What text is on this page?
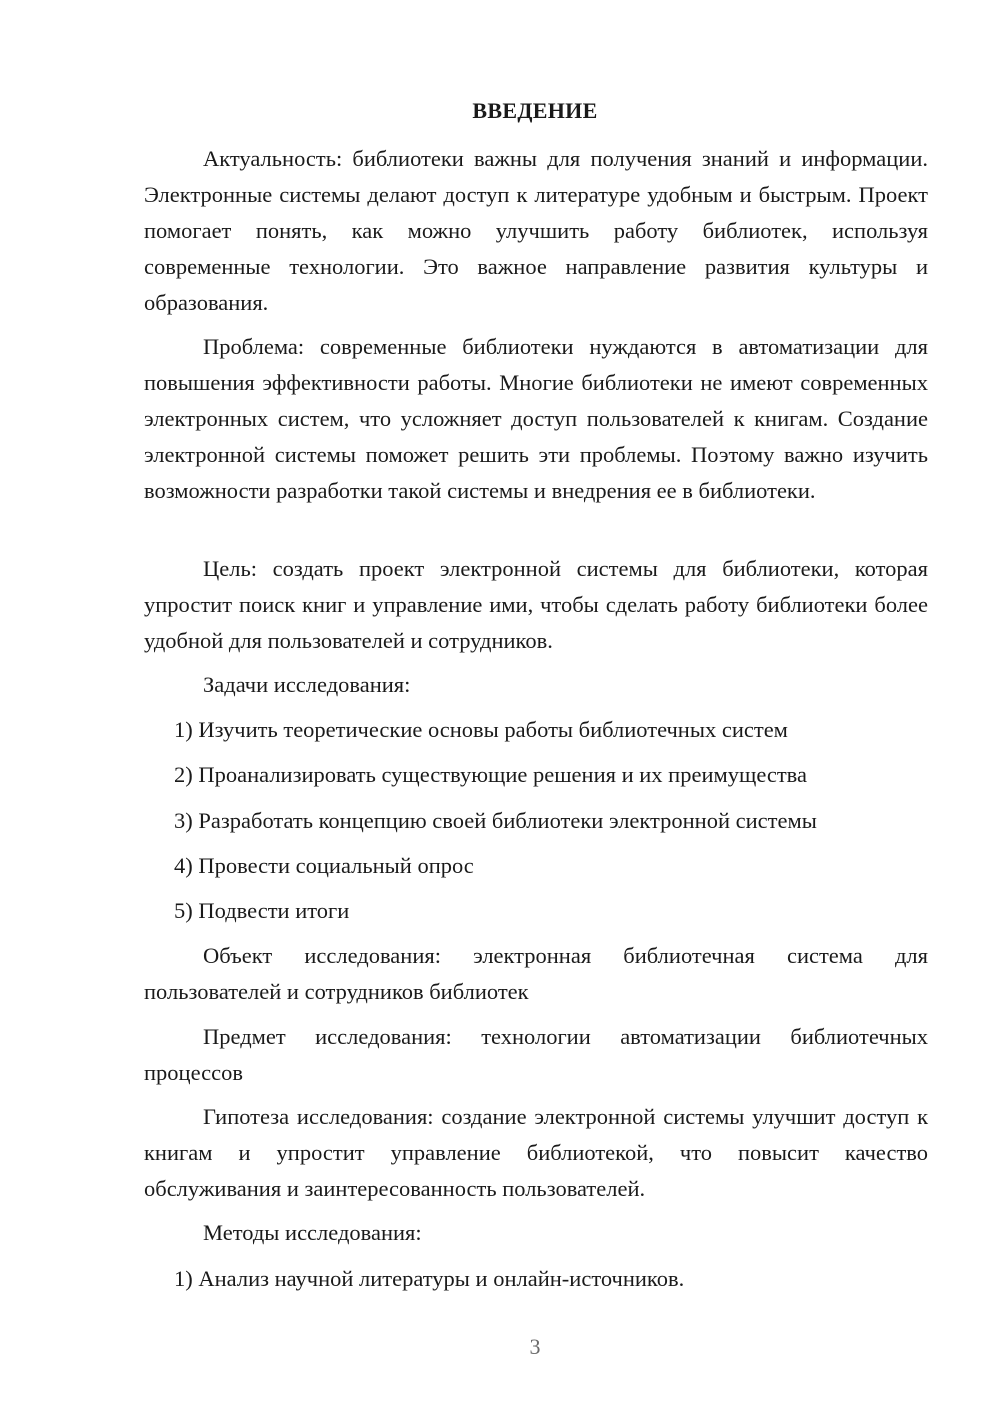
ВВЕДЕНИЕ

Актуальность: библиотеки важны для получения знаний и информации. Электронные системы делают доступ к литературе удобным и быстрым. Проект помогает понять, как можно улучшить работу библиотек, используя современные технологии. Это важное направление развития культуры и образования.

Проблема: современные библиотеки нуждаются в автоматизации для повышения эффективности работы. Многие библиотеки не имеют современных электронных систем, что усложняет доступ пользователей к книгам. Создание электронной системы поможет решить эти проблемы. Поэтому важно изучить возможности разработки такой системы и внедрения ее в библиотеки.

Цель: создать проект электронной системы для библиотеки, которая упростит поиск книг и управление ими, чтобы сделать работу библиотеки более удобной для пользователей и сотрудников.

Задачи исследования:

1) Изучить теоретические основы работы библиотечных систем

2) Проанализировать существующие решения и их преимущества

3) Разработать концепцию своей библиотеки электронной системы

4) Провести социальный опрос

5) Подвести итоги

Объект исследования: электронная библиотечная система для пользователей и сотрудников библиотек

Предмет исследования: технологии автоматизации библиотечных процессов

Гипотеза исследования: создание электронной системы улучшит доступ к книгам и упростит управление библиотекой, что повысит качество обслуживания и заинтересованность пользователей.

Методы исследования:

1) Анализ научной литературы и онлайн-источников.

3
